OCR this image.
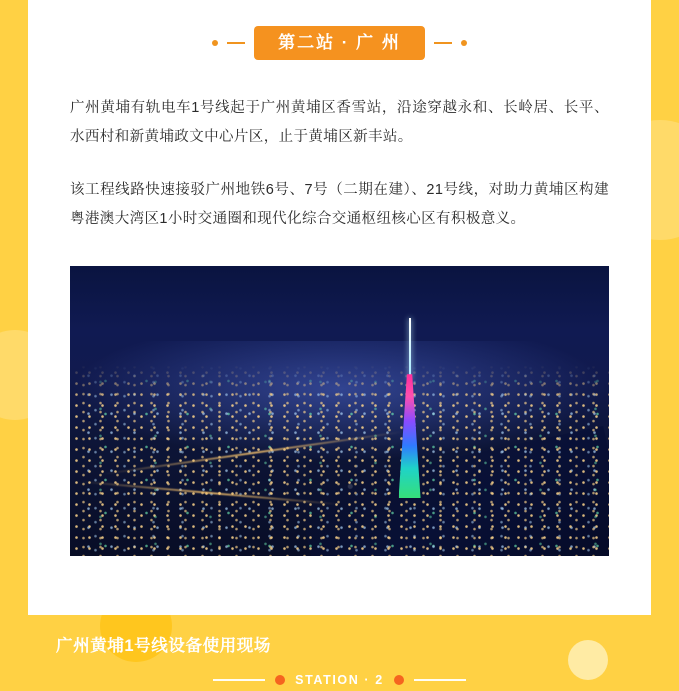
第二站 · 广 州

广州黄埔有轨电车1号线起于广州黄埔区香雪站，沿途穿越永和、长岭居、长平、水西村和新黄埔政文中心片区，止于黄埔区新丰站。

该工程线路快速接驳广州地铁6号、7号（二期在建）、21号线，对助力黄埔区构建粤港澳大湾区1小时交通圈和现代化综合交通枢纽核心区有积极意义。

广州黄埔1号线设备使用现场
STATION · 2
